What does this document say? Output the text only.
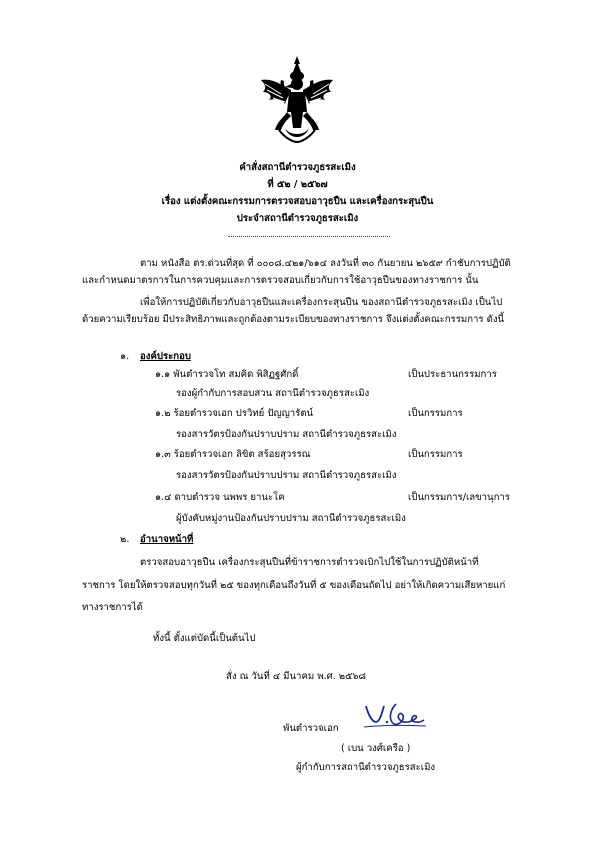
คำสั่งสถานีตำรวจภูธรสะเมิง
ที่ ๕๒ / ๒๕๖๗
เรื่อง แต่งตั้งคณะกรรมการตรวจสอบอาวุธปืน และเครื่องกระสุนปืน
ประจำสถานีตำรวจภูธรสะเมิง
ตาม หนังสือ ตร.ด่วนที่สุด ที่ ๐๐๐๘.๔๒๑/๖๑๔ ลงวันที่ ๓๐ กันยายน ๒๖๕๙ กำชับการปฏิบัติ
และกำหนดมาตรการในการควบคุมและการตรวจสอบเกี่ยวกับการใช้อาวุธปืนของทางราชการ นั้น
เพื่อให้การปฏิบัติเกี่ยวกับอาวุธปืนและเครื่องกระสุนปืน ของสถานีตำรวจภูธรสะเมิง เป็นไป
ด้วยความเรียบร้อย มีประสิทธิภาพและถูกต้องตามระเบียบของทางราชการ จึงแต่งตั้งคณะกรรมการ ดังนี้
๑. องค์ประกอบ
๑.๑ พันตำรวจโท สมคิด พิสิฏฐศักดิ์	เป็นประธานกรรมการ
รองผู้กำกับการสอบสวน สถานีตำรวจภูธรสะเมิง
๑.๒ ร้อยตำรวจเอก ปรวิทย์ ปัญญารัตน์	เป็นกรรมการ
รองสารวัตรป้องกันปราบปราม สถานีตำรวจภูธรสะเมิง
๑.๓ ร้อยตำรวจเอก ลิขิต สร้อยสุวรรณ	เป็นกรรมการ
รองสารวัตรป้องกันปราบปราม สถานีตำรวจภูธรสะเมิง
๑.๔ ดาบตำรวจ นพพร ยานะโค	เป็นกรรมการ/เลขานุการ
ผู้บังคับหมู่งานป้องกันปราบปราม สถานีตำรวจภูธรสะเมิง
๒. อำนาจหน้าที่
ตรวจสอบอาวุธปืน เครื่องกระสุนปืนที่ข้าราชการตำรวจเบิกไปใช้ในการปฏิบัติหน้าที่
ราชการ โดยให้ตรวจสอบทุกวันที่ ๒๕ ของทุกเดือนถึงวันที่ ๕ ของเดือนถัดไป อย่าให้เกิดความเสียหายแก่
ทางราชการได้
ทั้งนี้ ตั้งแต่บัดนี้เป็นต้นไป
สั่ง ณ วันที่ ๔ มีนาคม พ.ศ. ๒๕๖๘
พันตำรวจเอก
( เบน วงศ์เครือ )
ผู้กำกับการสถานีตำรวจภูธรสะเมิง
